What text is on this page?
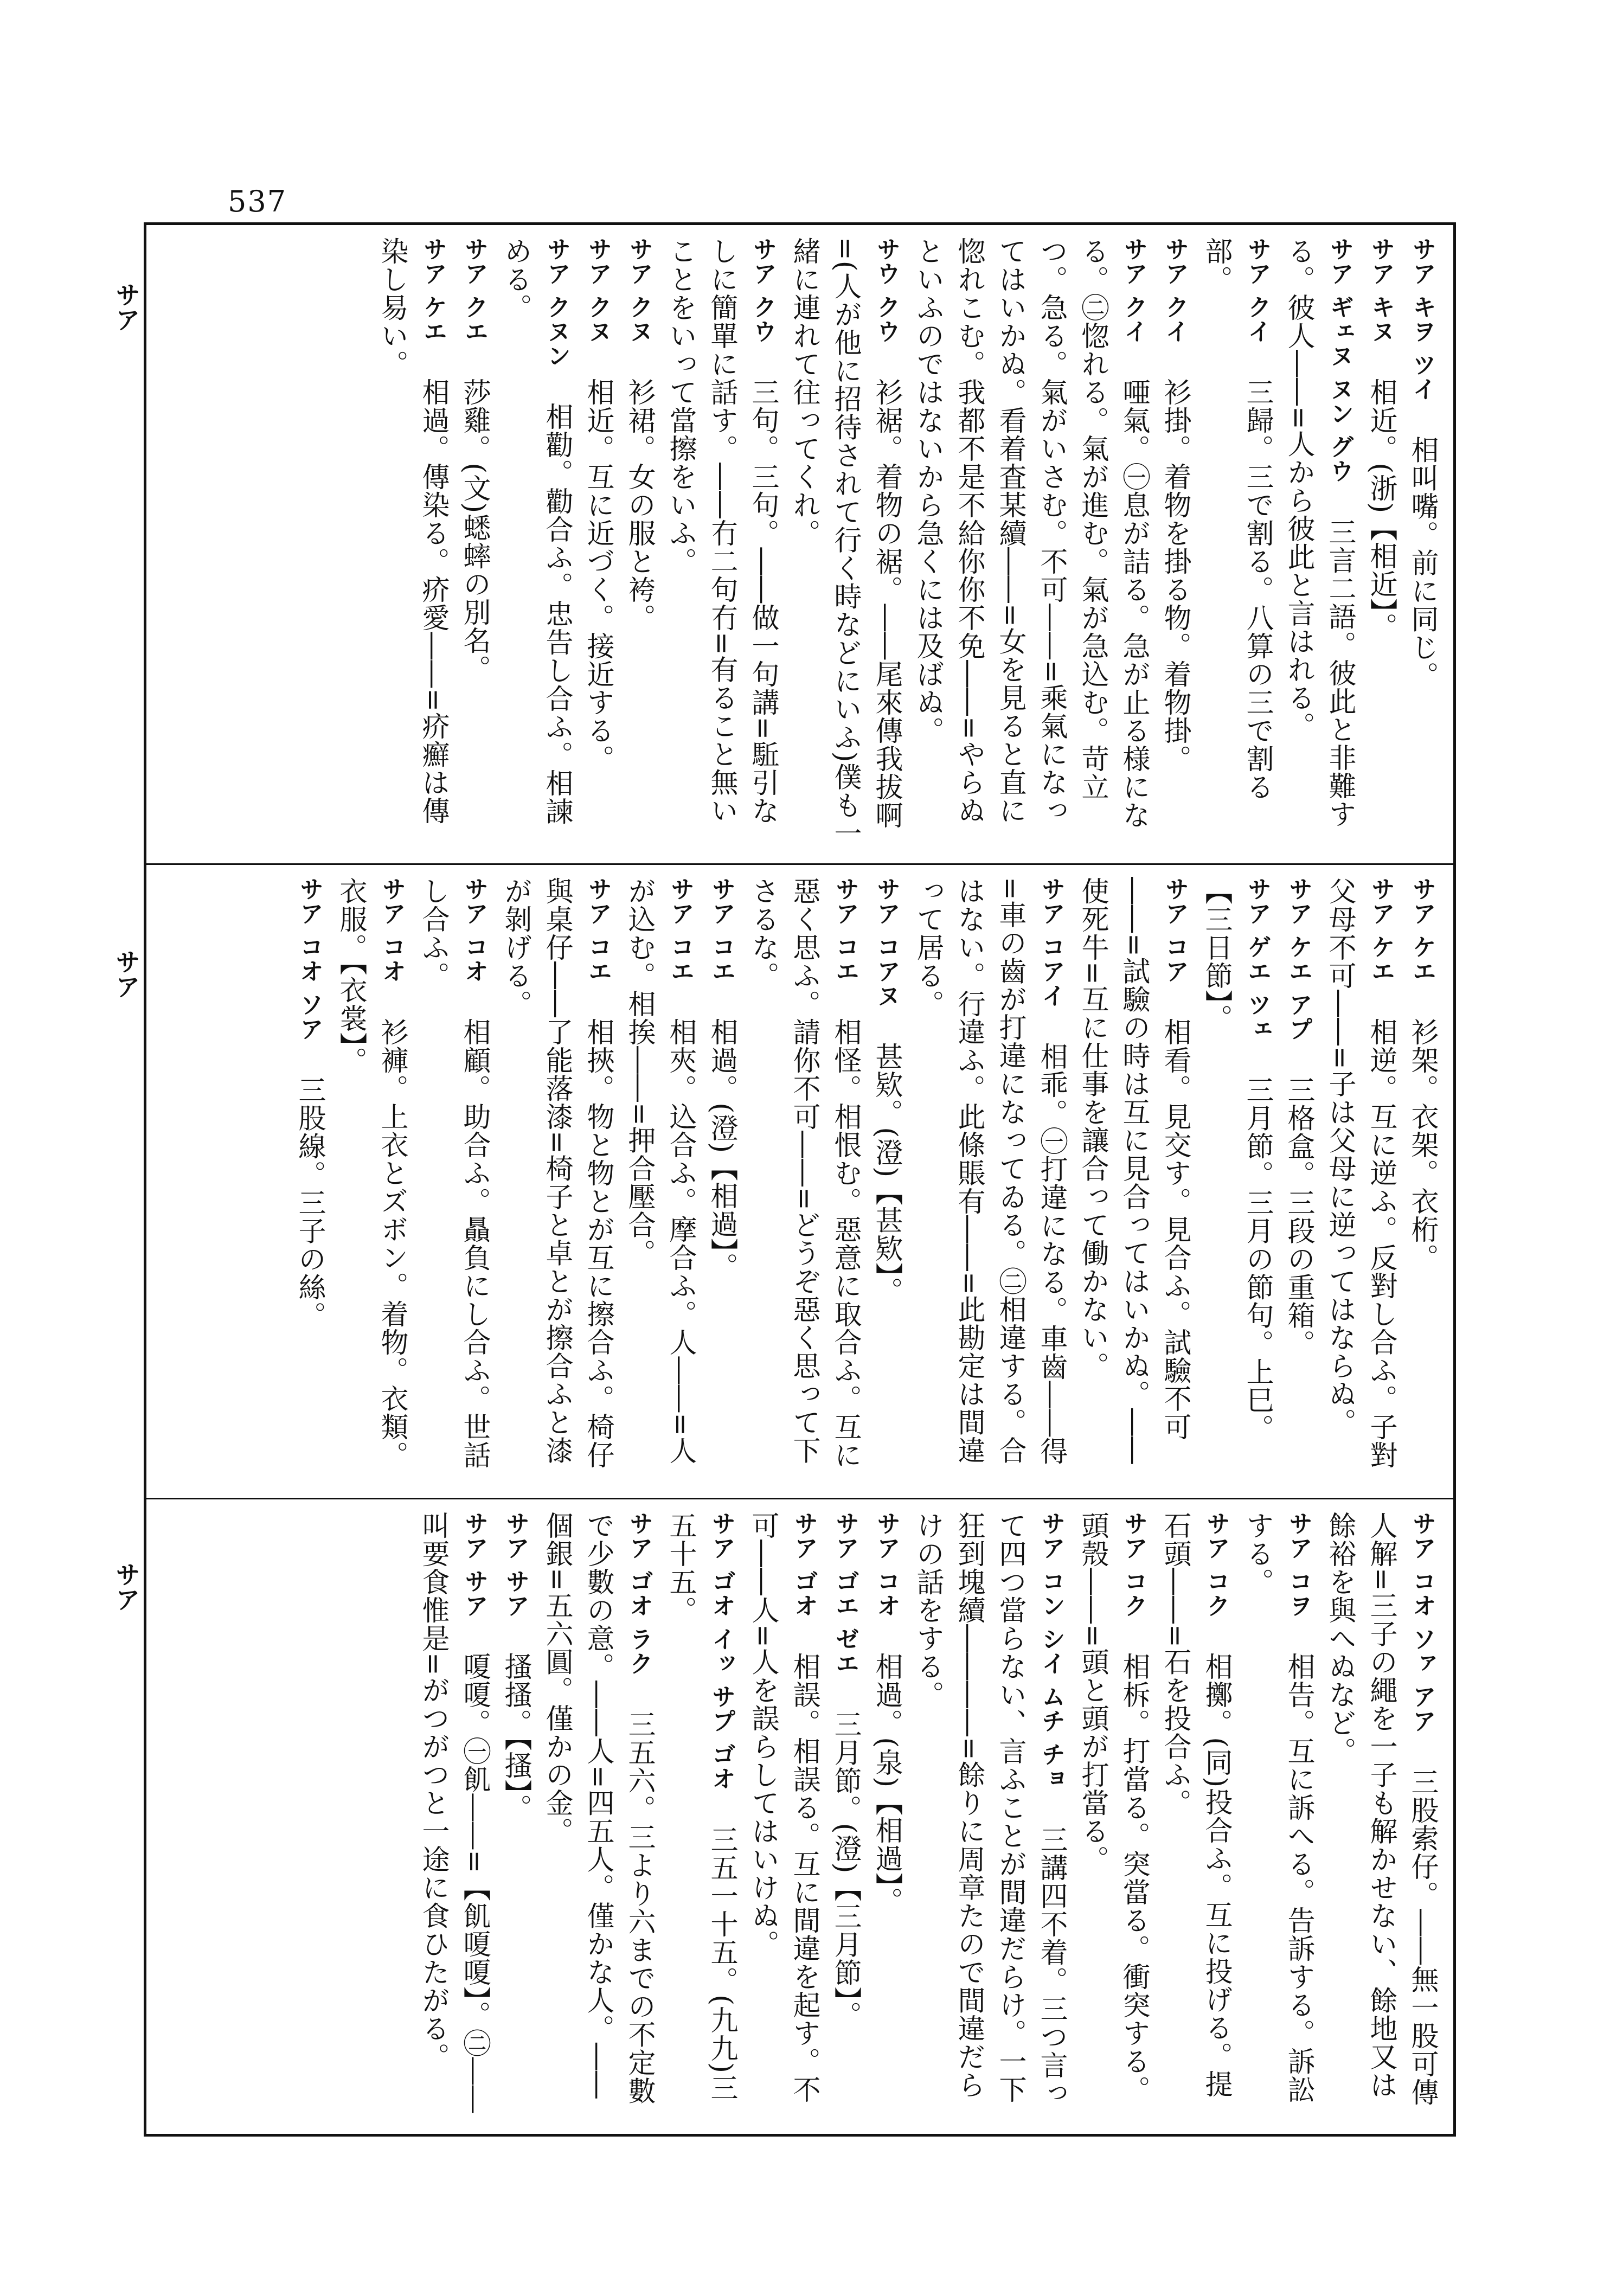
537
サア
サア
サア
サア キヲ ツイ　相叫嘴。前に同じ。
サア キヌ　相近。(浙)【相近】。
サア ギェヌ ヌン グウ　三言二語。彼此と非難する。彼人――=人から彼此と言はれる。
サア クイ　三歸。三で割る。八算の三で割る部。
サア クイ　衫掛。着物を掛る物。着物掛。
サア クイ　唖氣。㊀息が詰る。急が止る様になる。㊁惚れる。氣が進む。氣が急込む。苛立つ。急る。氣がいさむ。不可――=乘氣になってはいかぬ。看着査某續――=女を見ると直に惚れこむ。我都不是不給你你不免――=やらぬといふのではないから急くには及ばぬ。
サウ クウ　衫裾。着物の裾。――尾來傳我拔啊=(人が他に招待されて行く時などにいふ)僕も一緒に連れて往ってくれ。
サア クウ　三句。三句。――做一句講=駈引なしに簡單に話す。――冇二句冇=有ること無いことをいって當擦をいふ。
サア クヌ　衫裙。女の服と袴。
サア クヌ　相近。互に近づく。接近する。
サア クヌン　相勸。勸合ふ。忠告し合ふ。相諫める。
サア クエ　莎雞。(文)蟋蟀の別名。
サア ケエ　相過。傳染る。疥愛――=疥癬は傳染し易い。
サア ケエ　衫架。衣架。衣桁。
サア ケエ　相逆。互に逆ふ。反對し合ふ。子對父母不可――=子は父母に逆ってはならぬ。
サア ケエ アプ　三格盒。三段の重箱。
サア ゲエ ツェ　三月節。三月の節句。上巳。【三日節】。
サア コア　相看。見交す。見合ふ。試驗不可――=試驗の時は互に見合ってはいかぬ。――使死牛=互に仕事を讓合って働かない。
サア コアイ　相乖。㊀打違になる。車齒――得=車の齒が打違になってゐる。㊁相違する。合はない。行違ふ。此條賬有――=此勘定は間違って居る。
サア コアヌ　甚欵。(澄)【甚欵】。
サア コエ　相怪。相恨む。惡意に取合ふ。互に惡く思ふ。請你不可――=どうぞ惡く思って下さるな。
サア コエ　相過。(澄)【相過】。
サア コエ　相夾。込合ふ。摩合ふ。人――=人が込む。相挨――=押合壓合。
サア コエ　相挾。物と物とが互に擦合ふ。椅仔與桌仔――了能落漆=椅子と卓とが擦合ふと漆が剝げる。
サア コオ　相顧。助合ふ。贔負にし合ふ。世話し合ふ。
サア コオ　衫褲。上衣とズボン。着物。衣類。衣服。【衣裳】。
サア コオ ソア　三股線。三子の絲。
サア コオ ソァ アア　三股索仔。――無一股可傳人解=三子の繩を一子も解かせない、餘地又は餘裕を與へぬなど。
サア コヲ　相告。互に訴へる。告訴する。訴訟する。
サア コク　相擲。(同)投合ふ。互に投げる。提石頭――=石を投合ふ。
サア コク　相柝。打當る。突當る。衝突する。頭殼――=頭と頭が打當る。
サア コン シイ ムチ チョ　三講四不着。三つ言って四つ當らない、言ふことが間違だらけ。一下狂到塊續――――=餘りに周章たので間違だらけの話をする。
サア コオ　相過。(泉)【相過】。
サア ゴエ ゼエ　三月節。(澄)【三月節】。
サア ゴオ　相誤。相誤る。互に間違を起す。不可――人=人を誤らしてはいけぬ。
サア ゴオ イッ サプ ゴオ　三五一十五。(九九)三五十五。
サア ゴオ ラク　三五六。三より六までの不定數で少數の意。――人=四五人。僅かな人。――個銀=五六圓。僅かの金。
サア サア　搔搔。【搔】。
サア サア　嗄嗄。㊀飢――=【飢嗄嗄】。㊁――叫要食惟是=がつがつと一途に食ひたがる。
